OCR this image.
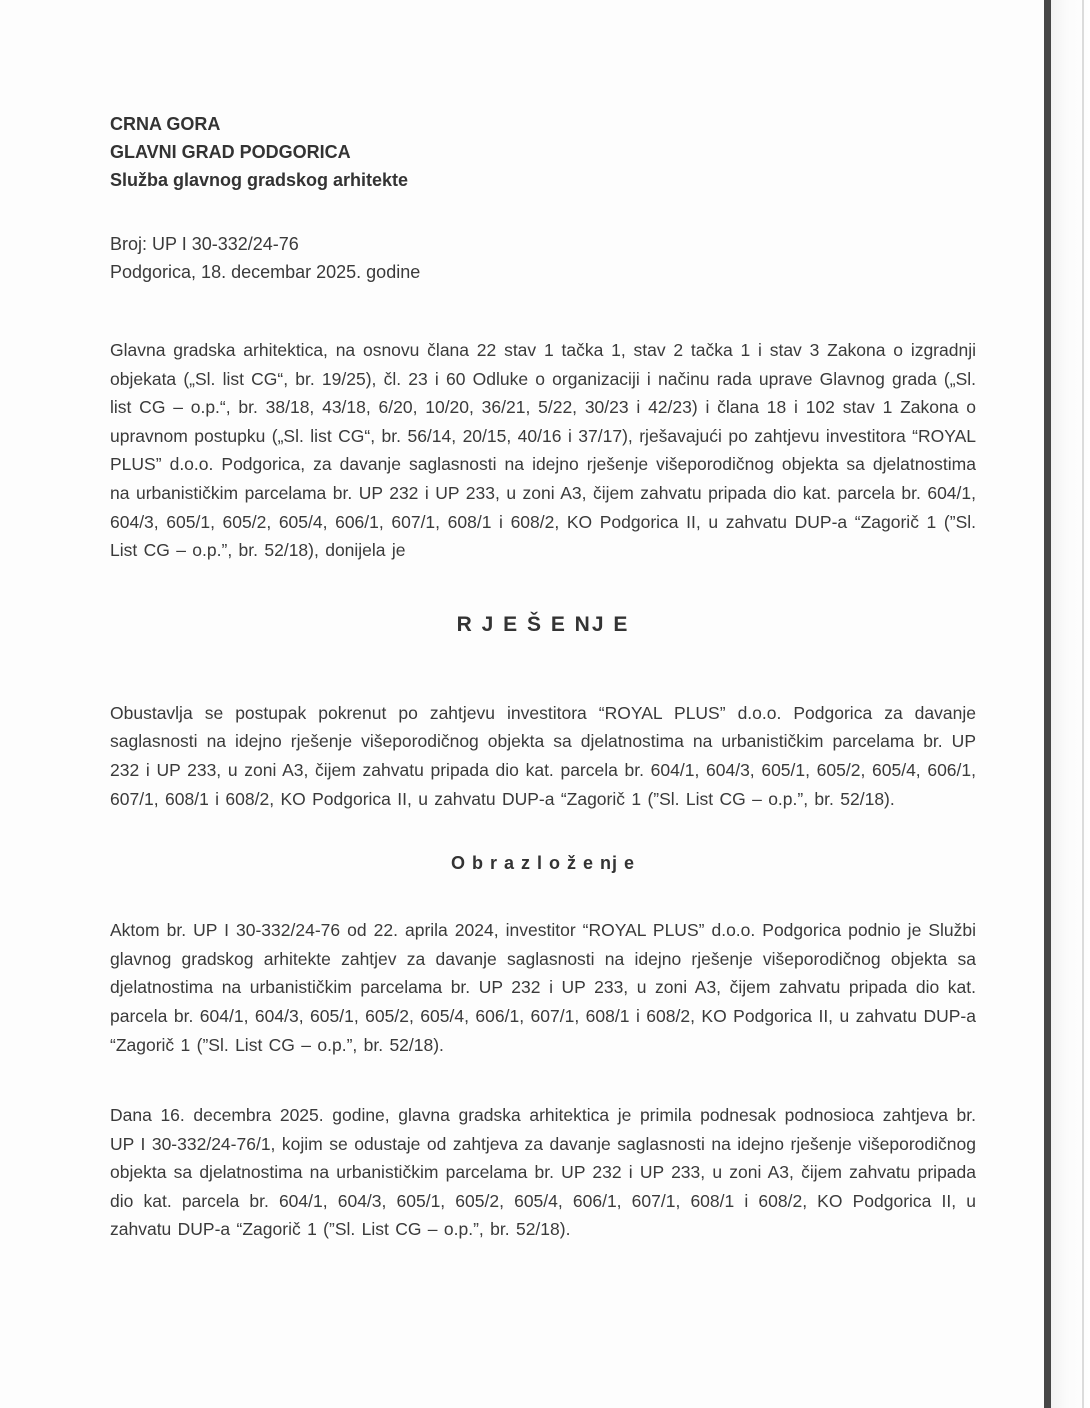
CRNA GORA
GLAVNI GRAD PODGORICA
Služba glavnog gradskog arhitekte
Broj: UP I 30-332/24-76
Podgorica, 18. decembar 2025. godine

Glavna gradska arhitektica, na osnovu člana 22 stav 1 tačka 1, stav 2 tačka 1 i stav 3 Zakona o izgradnji objekata („Sl. list CG“, br. 19/25), čl. 23 i 60 Odluke o organizaciji i načinu rada uprave Glavnog grada („Sl. list CG – o.p.“, br. 38/18, 43/18, 6/20, 10/20, 36/21, 5/22, 30/23 i 42/23) i člana 18 i 102 stav 1 Zakona o upravnom postupku („Sl. list CG“, br. 56/14, 20/15, 40/16 i 37/17), rješavajući po zahtjevu investitora “ROYAL PLUS” d.o.o. Podgorica, za davanje saglasnosti na idejno rješenje višeporodičnog objekta sa djelatnostima na urbanističkim parcelama br. UP 232 i UP 233, u zoni A3, čijem zahvatu pripada dio kat. parcela br. 604/1, 604/3, 605/1, 605/2, 605/4, 606/1, 607/1, 608/1 i 608/2, KO Podgorica II, u zahvatu DUP-a “Zagorič 1 (”Sl. List CG – o.p.”, br. 52/18), donijela je

R J E Š E NJ E

Obustavlja se postupak pokrenut po zahtjevu investitora “ROYAL PLUS” d.o.o. Podgorica za davanje saglasnosti na idejno rješenje višeporodičnog objekta sa djelatnostima na urbanističkim parcelama br. UP 232 i UP 233, u zoni A3, čijem zahvatu pripada dio kat. parcela br. 604/1, 604/3, 605/1, 605/2, 605/4, 606/1, 607/1, 608/1 i 608/2, KO Podgorica II, u zahvatu DUP-a “Zagorič 1 (”Sl. List CG – o.p.”, br. 52/18).

O b r a z l o ž e nj e

Aktom br. UP I 30-332/24-76 od 22. aprila 2024, investitor “ROYAL PLUS” d.o.o. Podgorica podnio je Službi glavnog gradskog arhitekte zahtjev za davanje saglasnosti na idejno rješenje višeporodičnog objekta sa djelatnostima na urbanističkim parcelama br. UP 232 i UP 233, u zoni A3, čijem zahvatu pripada dio kat. parcela br. 604/1, 604/3, 605/1, 605/2, 605/4, 606/1, 607/1, 608/1 i 608/2, KO Podgorica II, u zahvatu DUP-a “Zagorič 1 (”Sl. List CG – o.p.”, br. 52/18).

Dana 16. decembra 2025. godine, glavna gradska arhitektica je primila podnesak podnosioca zahtjeva br. UP I 30-332/24-76/1, kojim se odustaje od zahtjeva za davanje saglasnosti na idejno rješenje višeporodičnog objekta sa djelatnostima na urbanističkim parcelama br. UP 232 i UP 233, u zoni A3, čijem zahvatu pripada dio kat. parcela br. 604/1, 604/3, 605/1, 605/2, 605/4, 606/1, 607/1, 608/1 i 608/2, KO Podgorica II, u zahvatu DUP-a “Zagorič 1 (”Sl. List CG – o.p.”, br. 52/18).
